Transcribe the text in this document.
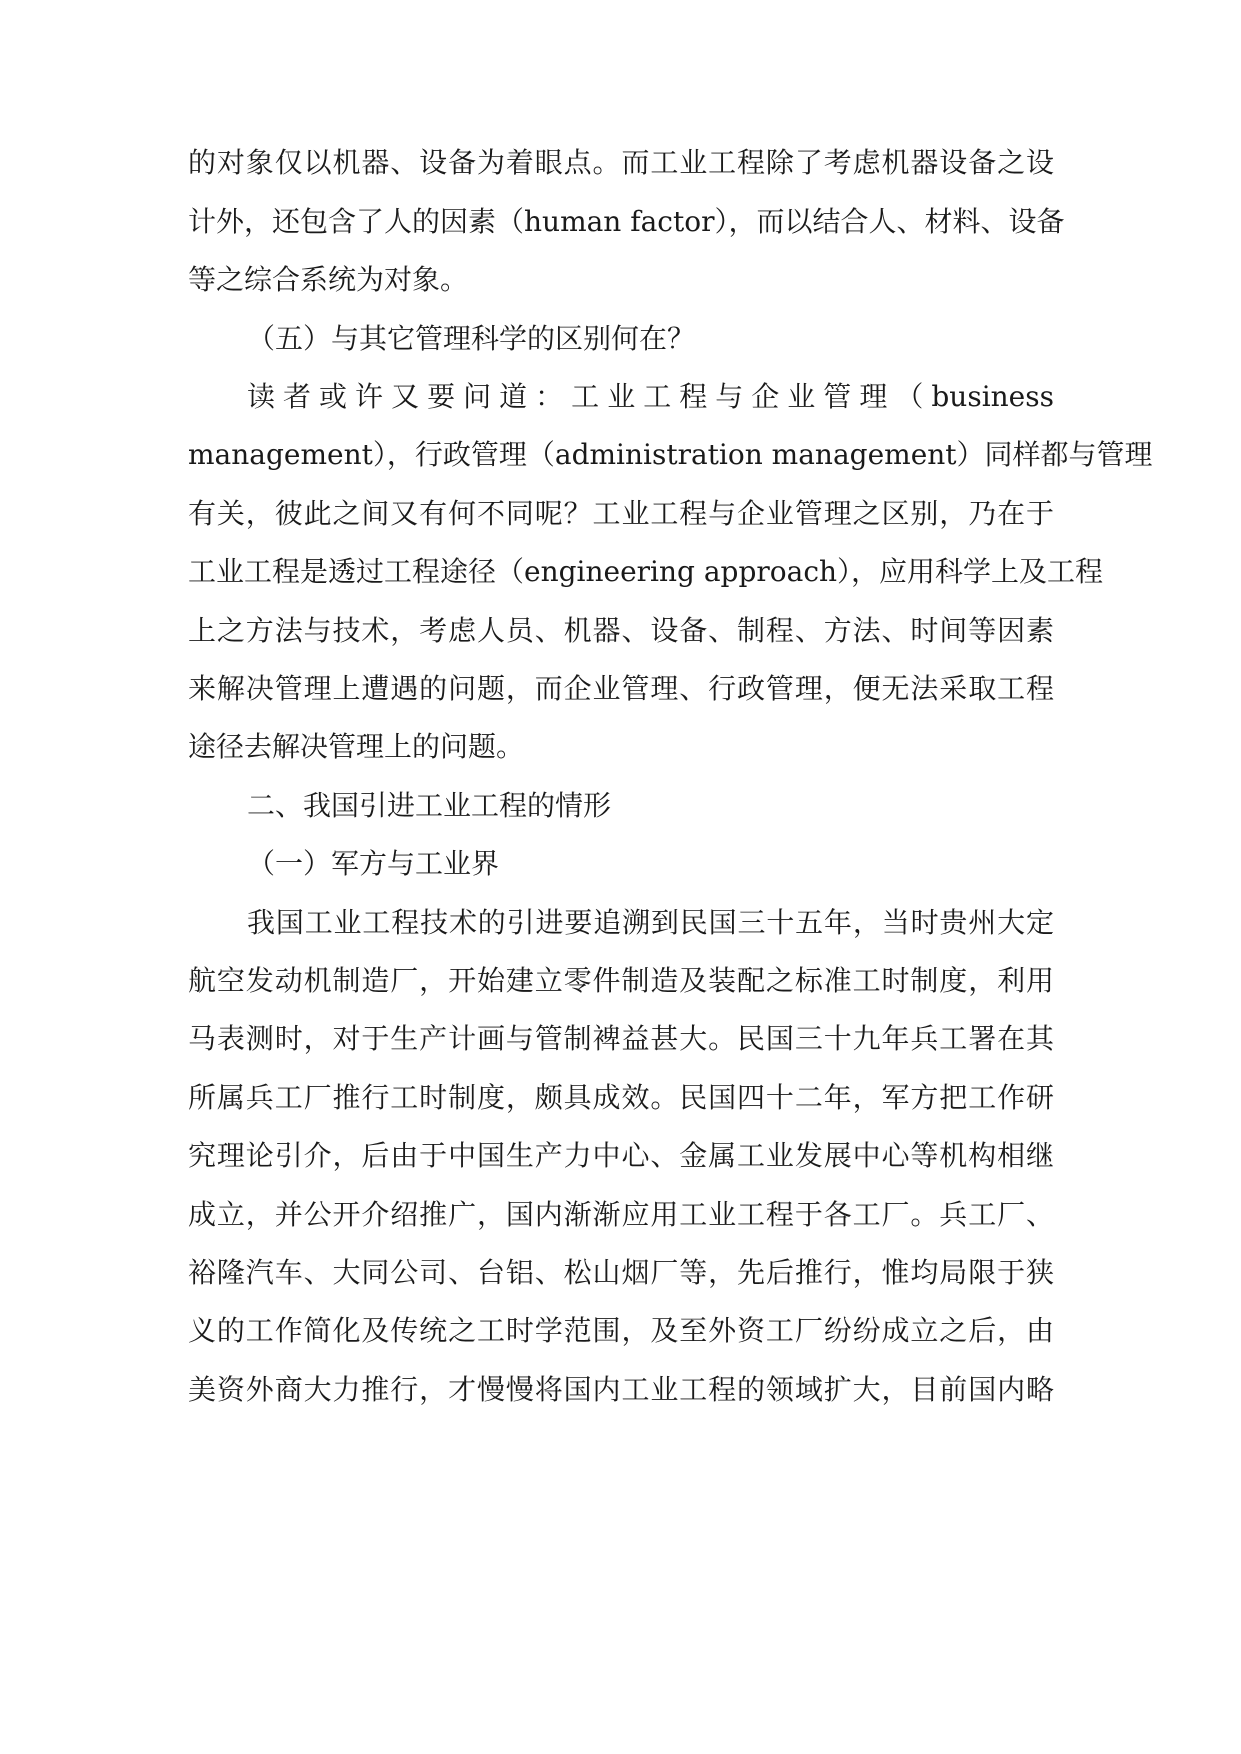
的对象仅以机器、设备为着眼点。而工业工程除了考虑机器设备之设
计外，还包含了人的因素（human factor），而以结合人、材料、设备
等之综合系统为对象。
（五）与其它管理科学的区别何在？
读者或许又要问道：工业工程与企业管理（business
management），行政管理（administration management）同样都与管理
有关，彼此之间又有何不同呢？工业工程与企业管理之区别，乃在于
工业工程是透过工程途径（engineering approach），应用科学上及工程
上之方法与技术，考虑人员、机器、设备、制程、方法、时间等因素
来解决管理上遭遇的问题，而企业管理、行政管理，便无法采取工程
途径去解决管理上的问题。
二、我国引进工业工程的情形
（一）军方与工业界
我国工业工程技术的引进要追溯到民国三十五年，当时贵州大定
航空发动机制造厂，开始建立零件制造及装配之标准工时制度，利用
马表测时，对于生产计画与管制裨益甚大。民国三十九年兵工署在其
所属兵工厂推行工时制度，颇具成效。民国四十二年，军方把工作研
究理论引介，后由于中国生产力中心、金属工业发展中心等机构相继
成立，并公开介绍推广，国内渐渐应用工业工程于各工厂。兵工厂、
裕隆汽车、大同公司、台铝、松山烟厂等，先后推行，惟均局限于狭
义的工作简化及传统之工时学范围，及至外资工厂纷纷成立之后，由
美资外商大力推行，才慢慢将国内工业工程的领域扩大，目前国内略
